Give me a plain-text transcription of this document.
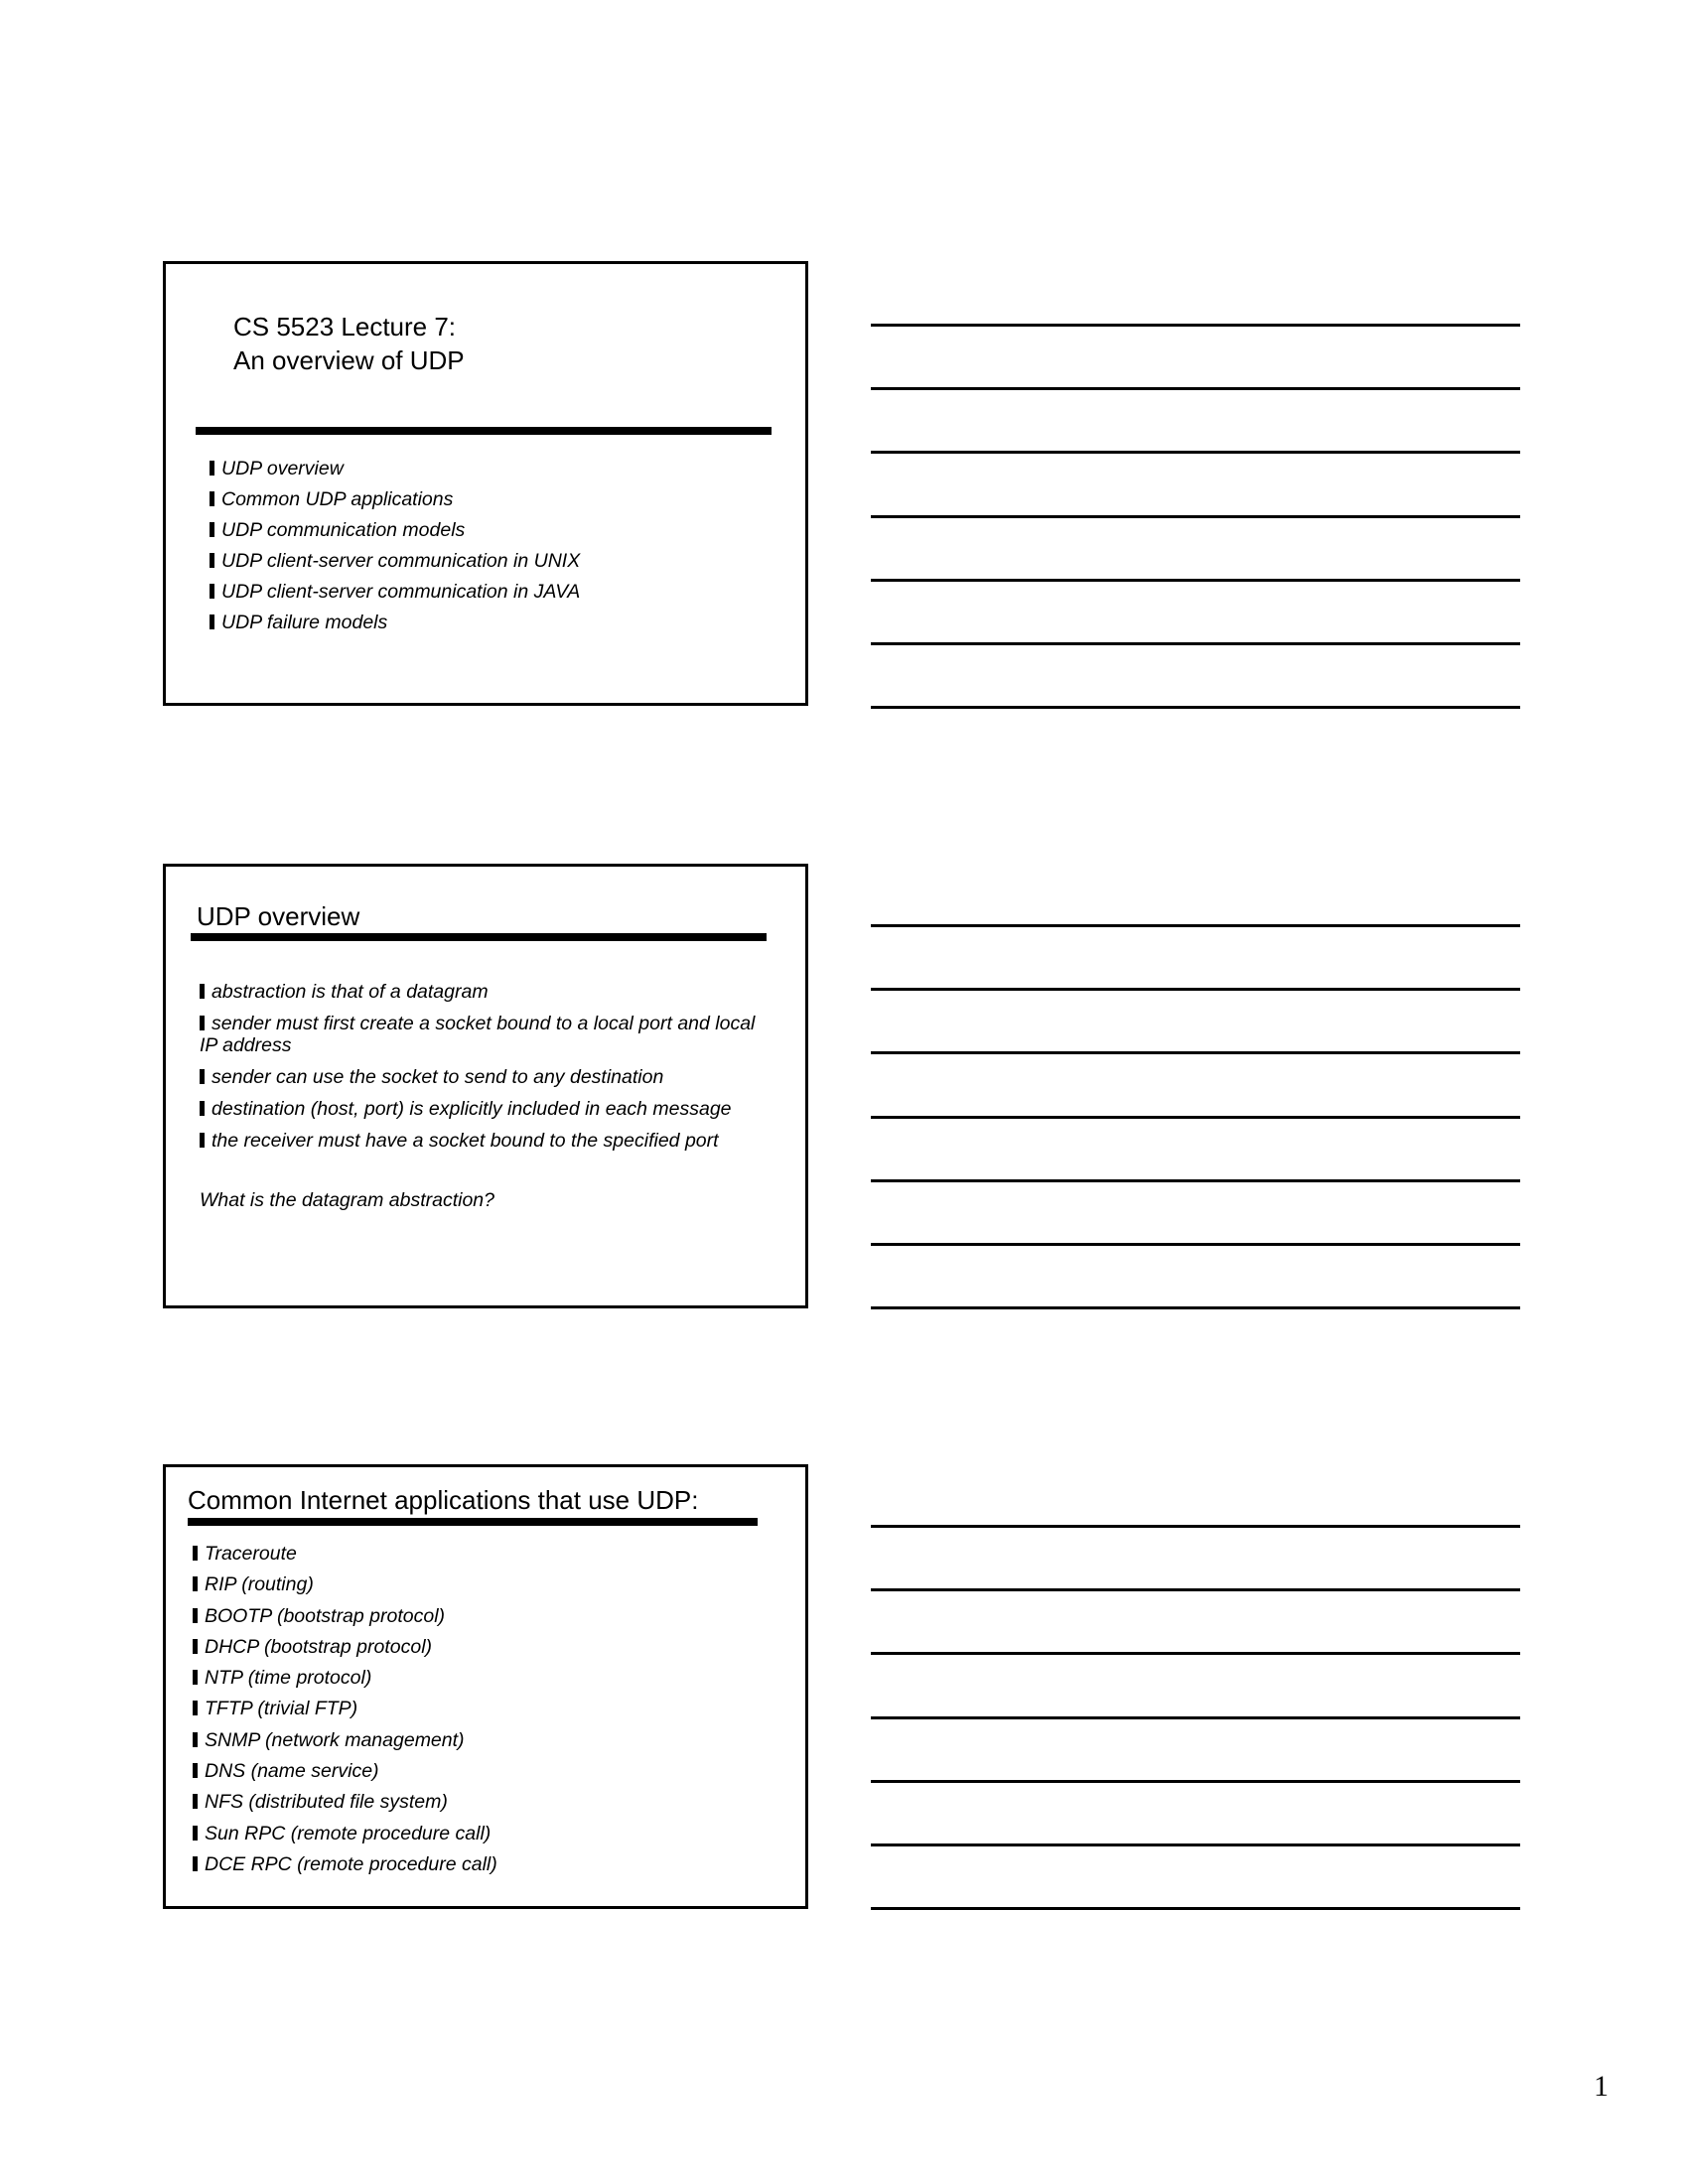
CS 5523 Lecture 7:
An overview of UDP
UDP overview
Common UDP applications
UDP communication models
UDP client-server communication in UNIX
UDP client-server communication in JAVA
UDP failure models
UDP overview
abstraction is that of a datagram
sender must first create a socket bound to a local port and local
IP address
sender can use the socket to send to any destination
destination (host, port) is explicitly included in each message
the receiver must have a socket bound to the specified port
What is the datagram abstraction?
Common Internet applications that use UDP:
Traceroute
RIP (routing)
BOOTP (bootstrap protocol)
DHCP (bootstrap protocol)
NTP (time protocol)
TFTP (trivial FTP)
SNMP (network management)
DNS (name service)
NFS (distributed file system)
Sun RPC (remote procedure call)
DCE RPC (remote procedure call)
1
